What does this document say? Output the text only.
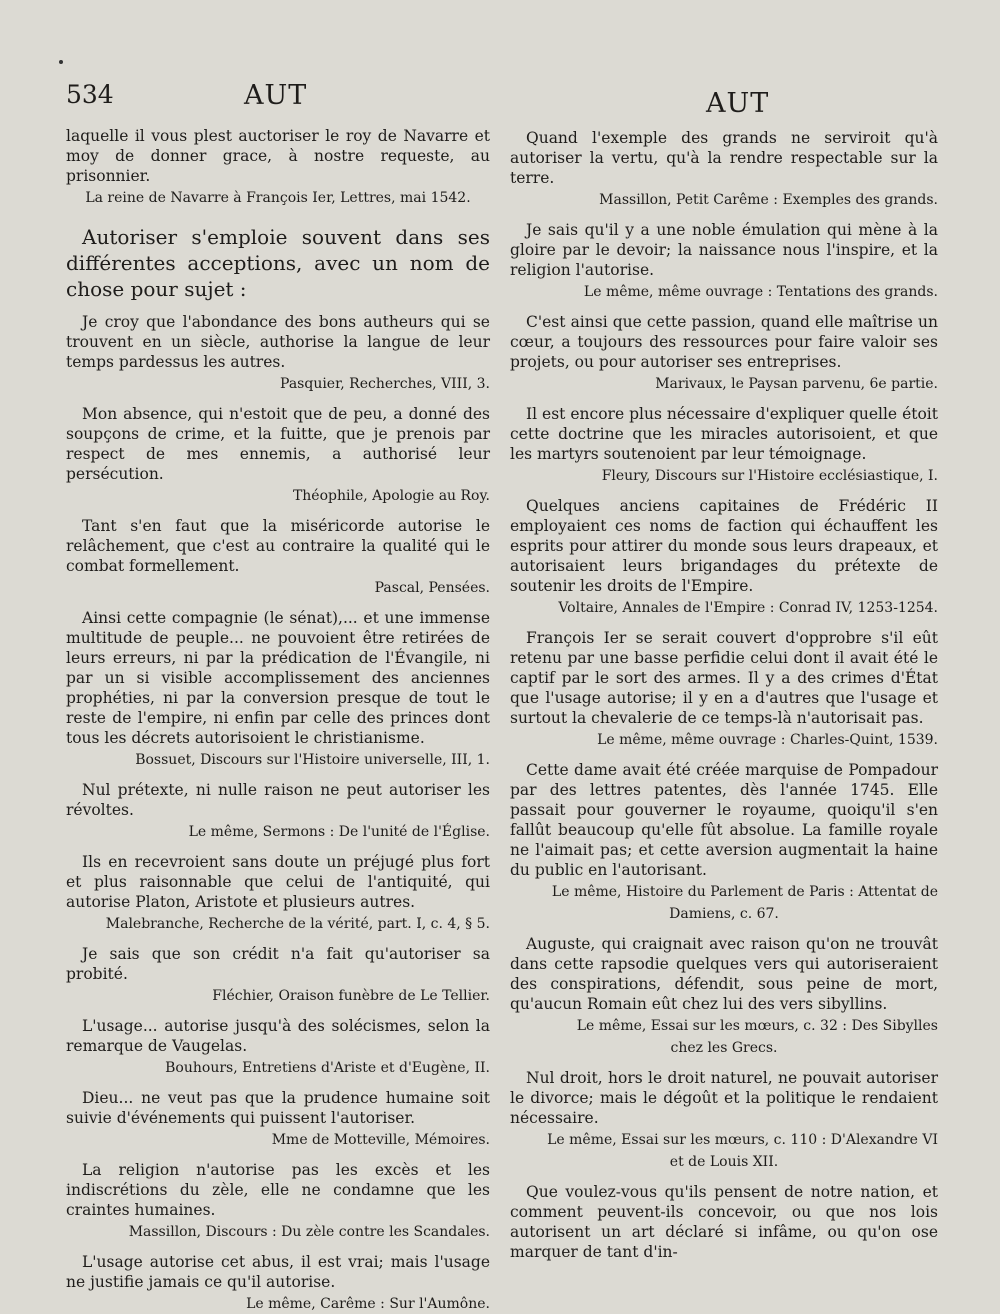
534	AUT	AUT

laquelle il vous plest auctoriser le roy de Navarre et moy de donner grace, à nostre requeste, au prisonnier.

La reine de Navarre à François Ier, Lettres, mai 1542.

Autoriser s'emploie souvent dans ses différentes acceptions, avec un nom de chose pour sujet :

Je croy que l'abondance des bons autheurs qui se trouvent en un siècle, authorise la langue de leur temps pardessus les autres.

Pasquier, Recherches, VIII, 3.

Mon absence, qui n'estoit que de peu, a donné des soupçons de crime, et la fuitte, que je prenois par respect de mes ennemis, a authorisé leur persécution.

Théophile, Apologie au Roy.

Tant s'en faut que la miséricorde autorise le relâchement, que c'est au contraire la qualité qui le combat formellement.

Pascal, Pensées.

Ainsi cette compagnie (le sénat),... et une immense multitude de peuple... ne pouvoient être retirées de leurs erreurs, ni par la prédication de l'Évangile, ni par un si visible accomplissement des anciennes prophéties, ni par la conversion presque de tout le reste de l'empire, ni enfin par celle des princes dont tous les décrets autorisoient le christianisme.

Bossuet, Discours sur l'Histoire universelle, III, 1.

Nul prétexte, ni nulle raison ne peut autoriser les révoltes.

Le même, Sermons : De l'unité de l'Église.

Ils en recevroient sans doute un préjugé plus fort et plus raisonnable que celui de l'antiquité, qui autorise Platon, Aristote et plusieurs autres.

Malebranche, Recherche de la vérité, part. I, c. 4, § 5.

Je sais que son crédit n'a fait qu'autoriser sa probité.

Fléchier, Oraison funèbre de Le Tellier.

L'usage... autorise jusqu'à des solécismes, selon la remarque de Vaugelas.

Bouhours, Entretiens d'Ariste et d'Eugène, II.

Dieu... ne veut pas que la prudence humaine soit suivie d'événements qui puissent l'autoriser.

Mme de Motteville, Mémoires.

La religion n'autorise pas les excès et les indiscrétions du zèle, elle ne condamne que les craintes humaines.

Massillon, Discours : Du zèle contre les Scandales.

L'usage autorise cet abus, il est vrai; mais l'usage ne justifie jamais ce qu'il autorise.

Le même, Carême : Sur l'Aumône.

Quand l'exemple des grands ne serviroit qu'à autoriser la vertu, qu'à la rendre respectable sur la terre.

Massillon, Petit Carême : Exemples des grands.

Je sais qu'il y a une noble émulation qui mène à la gloire par le devoir; la naissance nous l'inspire, et la religion l'autorise.

Le même, même ouvrage : Tentations des grands.

C'est ainsi que cette passion, quand elle maîtrise un cœur, a toujours des ressources pour faire valoir ses projets, ou pour autoriser ses entreprises.

Marivaux, le Paysan parvenu, 6e partie.

Il est encore plus nécessaire d'expliquer quelle étoit cette doctrine que les miracles autorisoient, et que les martyrs soutenoient par leur témoignage.

Fleury, Discours sur l'Histoire ecclésiastique, I.

Quelques anciens capitaines de Frédéric II employaient ces noms de faction qui échauffent les esprits pour attirer du monde sous leurs drapeaux, et autorisaient leurs brigandages du prétexte de soutenir les droits de l'Empire.

Voltaire, Annales de l'Empire : Conrad IV, 1253-1254.

François Ier se serait couvert d'opprobre s'il eût retenu par une basse perfidie celui dont il avait été le captif par le sort des armes. Il y a des crimes d'État que l'usage autorise; il y en a d'autres que l'usage et surtout la chevalerie de ce temps-là n'autorisait pas.

Le même, même ouvrage : Charles-Quint, 1539.

Cette dame avait été créée marquise de Pompadour par des lettres patentes, dès l'année 1745. Elle passait pour gouverner le royaume, quoiqu'il s'en fallût beaucoup qu'elle fût absolue. La famille royale ne l'aimait pas; et cette aversion augmentait la haine du public en l'autorisant.

Le même, Histoire du Parlement de Paris : Attentat de

Damiens, c. 67.

Auguste, qui craignait avec raison qu'on ne trouvât dans cette rapsodie quelques vers qui autoriseraient des conspirations, défendit, sous peine de mort, qu'aucun Romain eût chez lui des vers sibyllins.

Le même, Essai sur les mœurs, c. 32 : Des Sibylles

chez les Grecs.

Nul droit, hors le droit naturel, ne pouvait autoriser le divorce; mais le dégoût et la politique le rendaient nécessaire.

Le même, Essai sur les mœurs, c. 110 : D'Alexandre VI

et de Louis XII.

Que voulez-vous qu'ils pensent de notre nation, et comment peuvent-ils concevoir, ou que nos lois autorisent un art déclaré si infâme, ou qu'on ose marquer de tant d'in-
